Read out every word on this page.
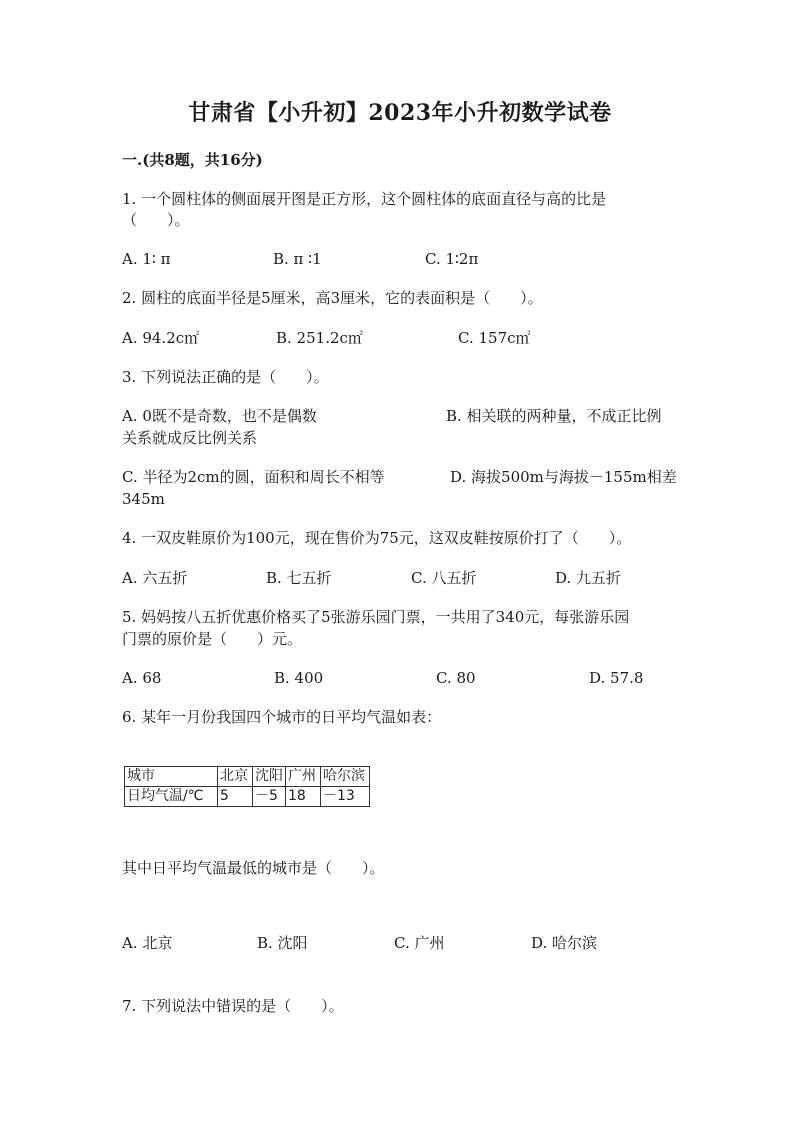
甘肃省【小升初】2023年小升初数学试卷
一.(共8题，共16分)
1. 一个圆柱体的侧面展开图是正方形，这个圆柱体的底面直径与高的比是
（　　）。
A. 1∶ π	B. π ∶1	C. 1∶2π
2. 圆柱的底面半径是5厘米，高3厘米，它的表面积是（　　）。
A. 94.2c㎡	B. 251.2c㎡	C. 157c㎡
3. 下列说法正确的是（　　）。
A. 0既不是奇数，也不是偶数	B. 相关联的两种量，不成正比例
关系就成反比例关系
C. 半径为2cm的圆，面积和周长不相等	D. 海拔500m与海拔－155m相差
345m
4. 一双皮鞋原价为100元，现在售价为75元，这双皮鞋按原价打了（　　）。
A. 六五折	B. 七五折	C. 八五折	D. 九五折
5. 妈妈按八五折优惠价格买了5张游乐园门票，一共用了340元，每张游乐园
门票的原价是（　　）元。
A. 68	B. 400	C. 80	D. 57.8
6. 某年一月份我国四个城市的日平均气温如表：
城市	北京	沈阳	广州	哈尔滨
日均气温/℃	5	－5	18	－13
其中日平均气温最低的城市是（　　）。
A. 北京	B. 沈阳	C. 广州	D. 哈尔滨
7. 下列说法中错误的是（　　）。
